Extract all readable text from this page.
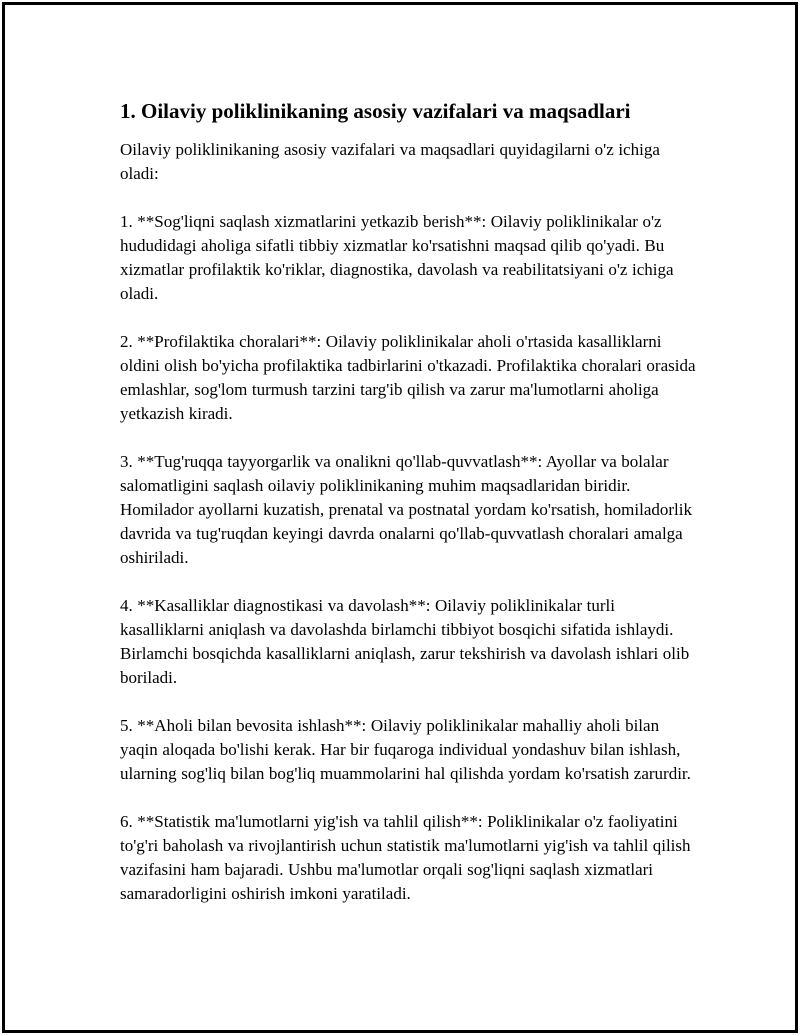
1. Oilaviy poliklinikaning asosiy vazifalari va maqsadlari

Oilaviy poliklinikaning asosiy vazifalari va maqsadlari quyidagilarni o'z ichiga oladi:

1. **Sog'liqni saqlash xizmatlarini yetkazib berish**: Oilaviy poliklinikalar o'z hududidagi aholiga sifatli tibbiy xizmatlar ko'rsatishni maqsad qilib qo'yadi. Bu xizmatlar profilaktik ko'riklar, diagnostika, davolash va reabilitatsiyani o'z ichiga oladi.

2. **Profilaktika choralari**: Oilaviy poliklinikalar aholi o'rtasida kasalliklarni oldini olish bo'yicha profilaktika tadbirlarini o'tkazadi. Profilaktika choralari orasida emlashlar, sog'lom turmush tarzini targ'ib qilish va zarur ma'lumotlarni aholiga yetkazish kiradi.

3. **Tug'ruqqa tayyorgarlik va onalikni qo'llab-quvvatlash**: Ayollar va bolalar salomatligini saqlash oilaviy poliklinikaning muhim maqsadlaridan biridir. Homilador ayollarni kuzatish, prenatal va postnatal yordam ko'rsatish, homiladorlik davrida va tug'ruqdan keyingi davrda onalarni qo'llab-quvvatlash choralari amalga oshiriladi.

4. **Kasalliklar diagnostikasi va davolash**: Oilaviy poliklinikalar turli kasalliklarni aniqlash va davolashda birlamchi tibbiyot bosqichi sifatida ishlaydi. Birlamchi bosqichda kasalliklarni aniqlash, zarur tekshirish va davolash ishlari olib boriladi.

5. **Aholi bilan bevosita ishlash**: Oilaviy poliklinikalar mahalliy aholi bilan yaqin aloqada bo'lishi kerak. Har bir fuqaroga individual yondashuv bilan ishlash, ularning sog'liq bilan bog'liq muammolarini hal qilishda yordam ko'rsatish zarurdir.

6. **Statistik ma'lumotlarni yig'ish va tahlil qilish**: Poliklinikalar o'z faoliyatini to'g'ri baholash va rivojlantirish uchun statistik ma'lumotlarni yig'ish va tahlil qilish vazifasini ham bajaradi. Ushbu ma'lumotlar orqali sog'liqni saqlash xizmatlari samaradorligini oshirish imkoni yaratiladi.
